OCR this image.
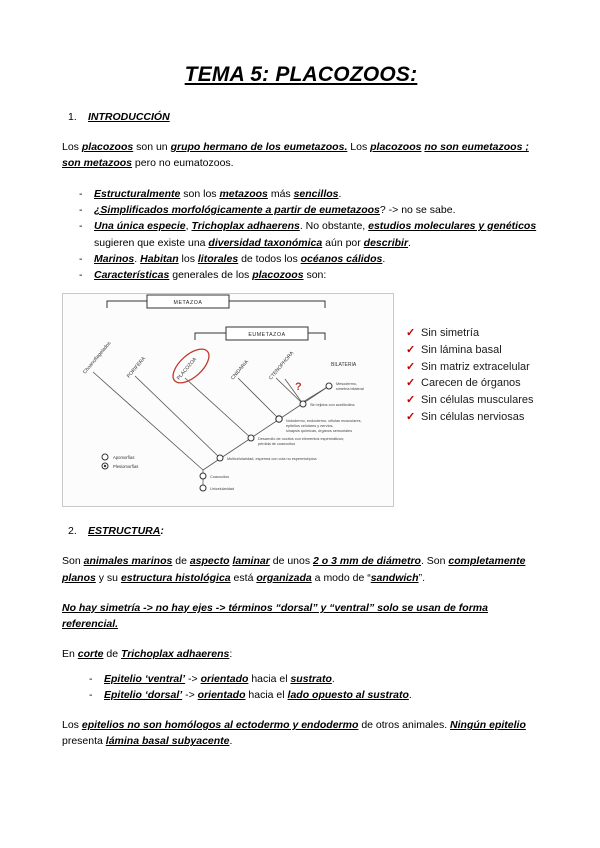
TEMA 5: PLACOZOOS:
1. INTRODUCCIÓN

Los placozoos son un grupo hermano de los eumetazoos. Los placozoos no son eumetazoos ; son metazoos pero no eumatozoos.

- Estructuralmente son los metazoos más sencillos.
- ¿Simplificados morfológicamente a partir de eumetazoos? -> no se sabe.
- Una única especie, Trichoplax adhaerens. No obstante, estudios moleculares y genéticos sugieren que existe una diversidad taxonómica aún por describir.
- Marinos. Habitan los litorales de todos los océanos cálidos.
- Características generales de los placozoos son:
METAZOA
EUMETAZOA
Choanoflagelados	PORIFERA	PLACOZOA	CNIDARIA	CTENOPHORA	BILATERIA
?	Mesodermo,
simetría bilateral
Sin tejidos con acetilcolina
Notodermo, endodermo, células musculares,
epitelios celulares y nervios,
sinapsis químicas, órganos sensoriales
Desarrollo de oocitos con elementos espermáticos;
pérdida de coanocitos
Multicelularidad, esperma con cola no espermiotípica
Coanocitos
Unicelularidad
Apomorfías
Plesiomorfías
✓ Sin simetría
✓ Sin lámina basal
✓ Sin matriz extracelular
✓ Carecen de órganos
✓ Sin células musculares
✓ Sin células nerviosas
2. ESTRUCTURA:

Son animales marinos de aspecto laminar de unos 2 o 3 mm de diámetro. Son completamente planos y su estructura histológica está organizada a modo de “sandwich”.

No hay simetría -> no hay ejes -> términos “dorsal” y “ventral” solo se usan de forma referencial.

En corte de Trichoplax adhaerens:

- Epitelio ‘ventral’ -> orientado hacia el sustrato.
- Epitelio ‘dorsal’ -> orientado hacia el lado opuesto al sustrato.

Los epitelios no son homólogos al ectodermo y endodermo de otros animales. Ningún epitelio presenta lámina basal subyacente.
